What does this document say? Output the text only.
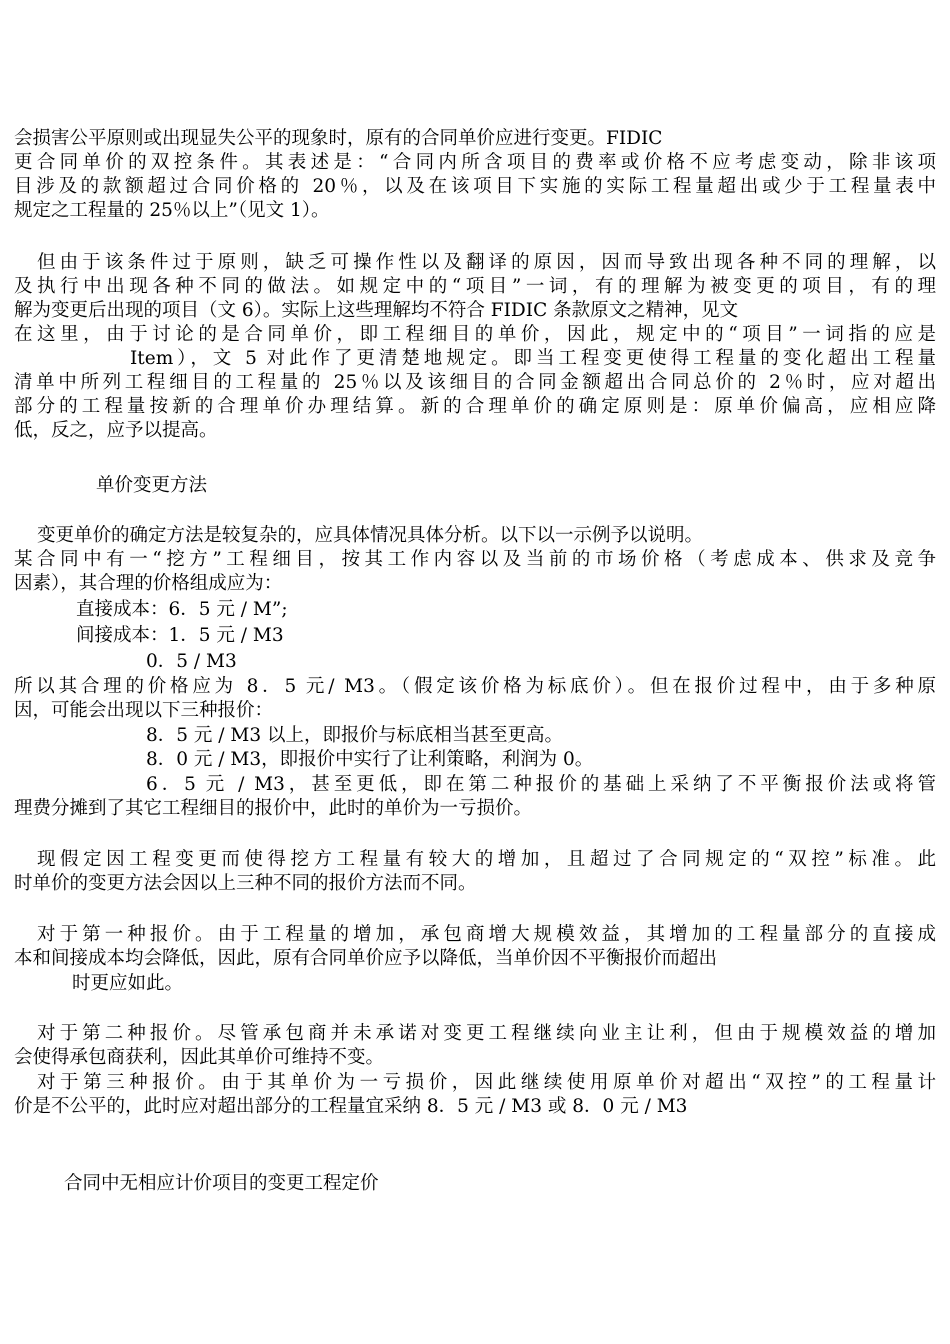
会损害公平原则或出现显失公平的现象时，原有的合同单价应进行变更。FIDIC
更合同单价的双控条件。其表述是：“合同内所含项目的费率或价格不应考虑变动，除非该项
目涉及的款额超过合同价格的 20％，以及在该项目下实施的实际工程量超出或少于工程量表中
规定之工程量的 25％以上”（见文 1）。
但由于该条件过于原则，缺乏可操作性以及翻译的原因，因而导致出现各种不同的理解，以
及执行中出现各种不同的做法。如规定中的“项目”一词，有的理解为被变更的项目，有的理
解为变更后出现的项目（文 6）。实际上这些理解均不符合 FIDIC 条款原文之精神，见文
在这里，由于讨论的是合同单价，即工程细目的单价，因此，规定中的“项目”一词指的应是
Item），文 5 对此作了更清楚地规定。即当工程变更使得工程量的变化超出工程量
清单中所列工程细目的工程量的 25％以及该细目的合同金额超出合同总价的 2％时，应对超出
部分的工程量按新的合理单价办理结算。新的合理单价的确定原则是：原单价偏高，应相应降
低，反之，应予以提高。
单价变更方法
变更单价的确定方法是较复杂的，应具体情况具体分析。以下以一示例予以说明。
某合同中有一“挖方”工程细目，按其工作内容以及当前的市场价格（考虑成本、供求及竞争
因素），其合理的价格组成应为：
直接成本：6．5 元 / M”;
间接成本：1．5 元 / M3
0．5 / M3
所以其合理的价格应为 8．5 元/ M3。（假定该价格为标底价）。但在报价过程中，由于多种原
因，可能会出现以下三种报价：
8．5 元 / M3 以上，即报价与标底相当甚至更高。
8．0 元 / M3，即报价中实行了让利策略，利润为 0。
6．5 元 / M3，甚至更低，即在第二种报价的基础上采纳了不平衡报价法或将管
理费分摊到了其它工程细目的报价中，此时的单价为一亏损价。
现假定因工程变更而使得挖方工程量有较大的增加，且超过了合同规定的“双控”标准。此
时单价的变更方法会因以上三种不同的报价方法而不同。
对于第一种报价。由于工程量的增加，承包商增大规模效益，其增加的工程量部分的直接成
本和间接成本均会降低，因此，原有合同单价应予以降低，当单价因不平衡报价而超出
时更应如此。
对于第二种报价。尽管承包商并未承诺对变更工程继续向业主让利，但由于规模效益的增加
会使得承包商获利，因此其单价可维持不变。
对于第三种报价。由于其单价为一亏损价，因此继续使用原单价对超出“双控”的工程量计
价是不公平的，此时应对超出部分的工程量宜采纳 8．5 元 / M3 或 8．0 元 / M3
合同中无相应计价项目的变更工程定价
